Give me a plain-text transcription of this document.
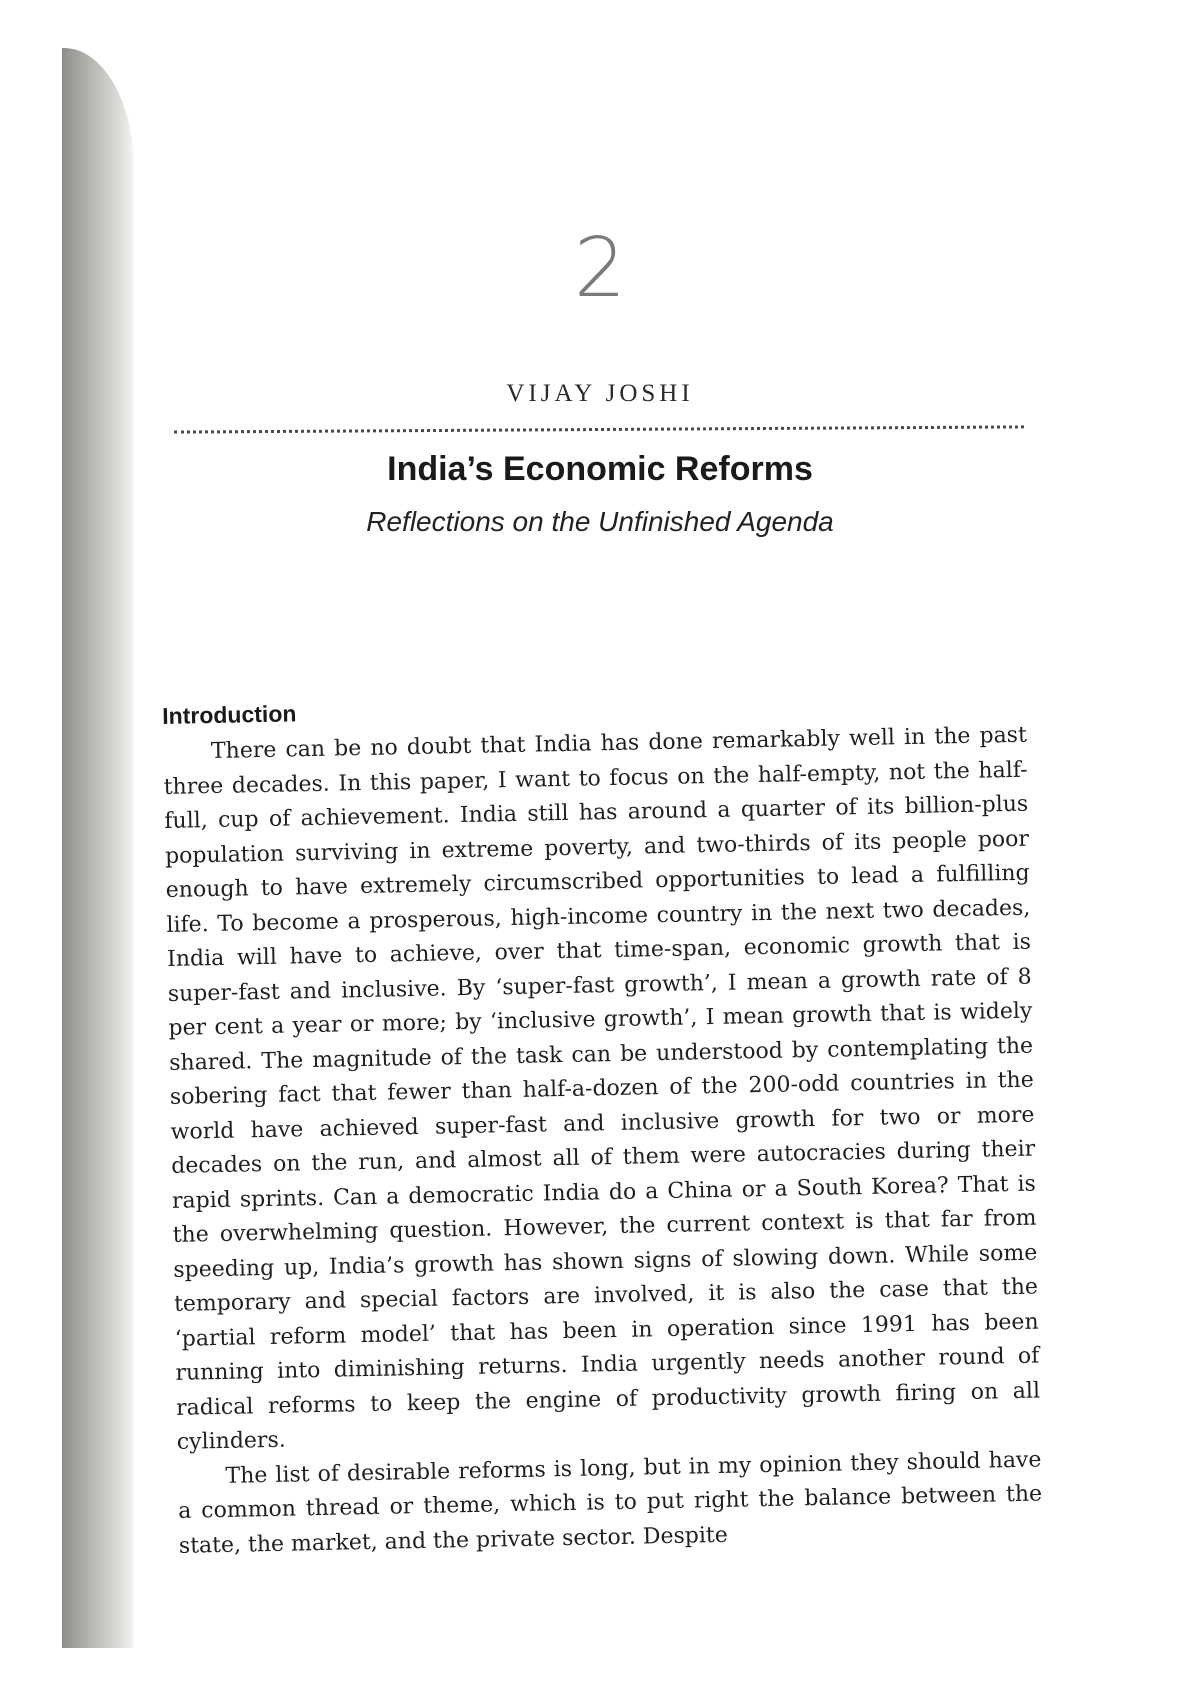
2
VIJAY JOSHI
India’s Economic Reforms
Reflections on the Unfinished Agenda
Introduction

There can be no doubt that India has done remarkably well in the past three decades. In this paper, I want to focus on the half-empty, not the half-full, cup of achievement. India still has around a quarter of its billion-plus population surviving in extreme poverty, and two-thirds of its people poor enough to have extremely circumscribed opportunities to lead a fulfilling life. To become a prosperous, high-income country in the next two decades, India will have to achieve, over that time-span, economic growth that is super-fast and inclusive. By ‘super-fast growth’, I mean a growth rate of 8 per cent a year or more; by ‘inclusive growth’, I mean growth that is widely shared. The magnitude of the task can be understood by contemplating the sobering fact that fewer than half-a-dozen of the 200-odd countries in the world have achieved super-fast and inclusive growth for two or more decades on the run, and almost all of them were autocracies during their rapid sprints. Can a democratic India do a China or a South Korea? That is the overwhelming question. However, the current context is that far from speeding up, India’s growth has shown signs of slowing down. While some temporary and special factors are involved, it is also the case that the ‘partial reform model’ that has been in operation since 1991 has been running into diminishing returns. India urgently needs another round of radical reforms to keep the engine of productivity growth firing on all cylinders.

The list of desirable reforms is long, but in my opinion they should have a common thread or theme, which is to put right the balance between the state, the market, and the private sector. Despite
